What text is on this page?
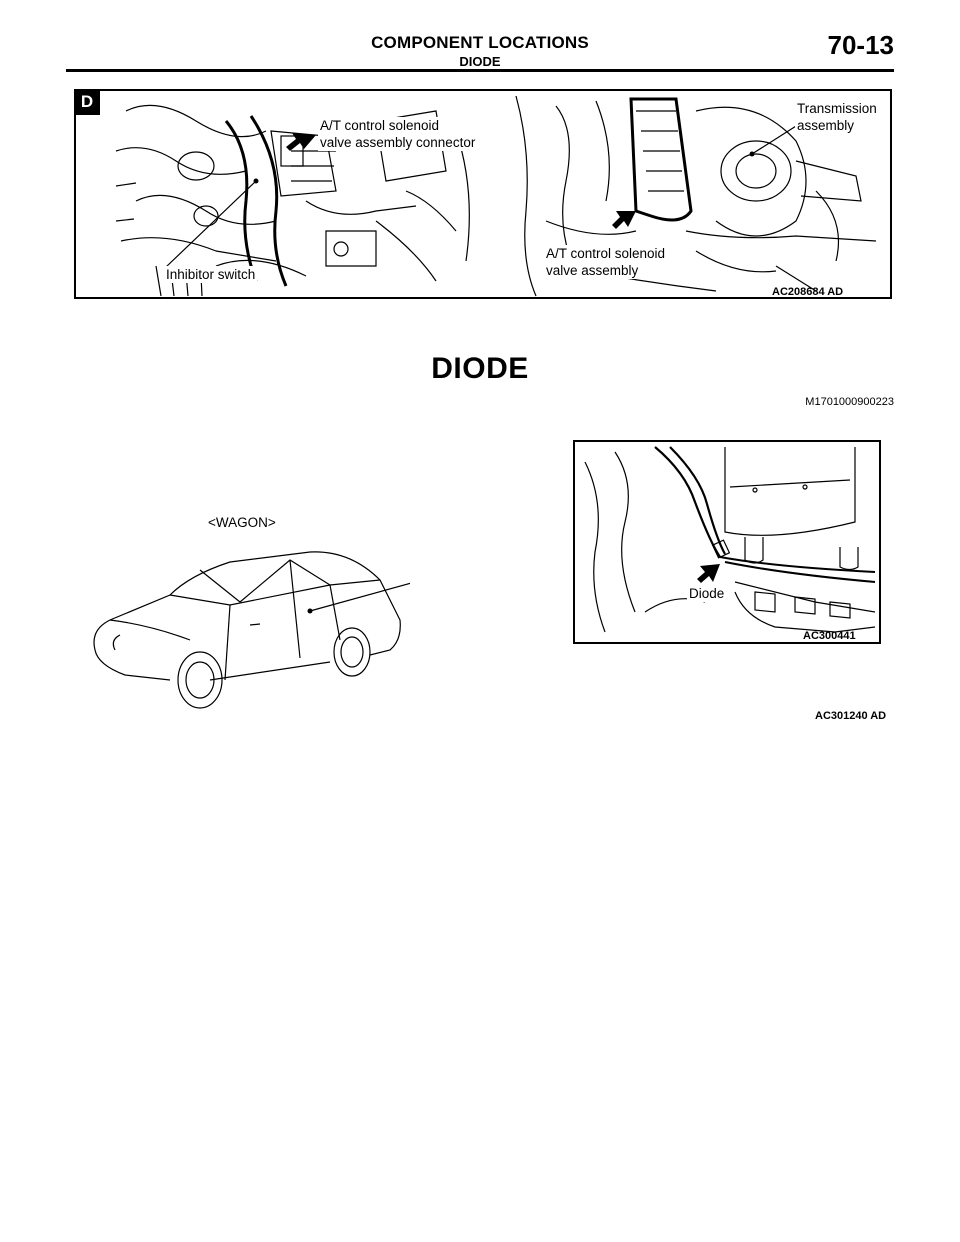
COMPONENT LOCATIONS
DIODE
70-13
D
A/T control solenoid
valve assembly connector
Transmission
assembly
Inhibitor switch
A/T control solenoid
valve assembly
AC208684 AD
DIODE
M1701000900223
<WAGON>
Diode
AC300441
AC301240 AD
